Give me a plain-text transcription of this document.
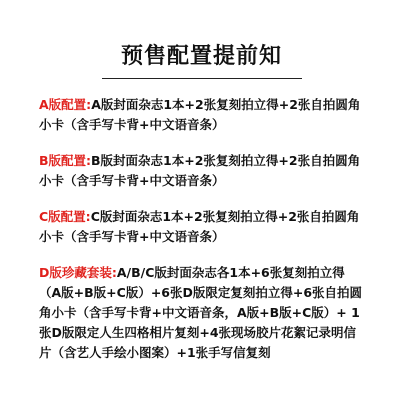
预售配置提前知

A版配置:A版封面杂志1本+2张复刻拍立得+2张自拍圆角小卡（含手写卡背+中文语音条）

B版配置:B版封面杂志1本+2张复刻拍立得+2张自拍圆角小卡（含手写卡背+中文语音条）

C版配置:C版封面杂志1本+2张复刻拍立得+2张自拍圆角小卡（含手写卡背+中文语音条）

D版珍藏套装:A/B/C版封面杂志各1本+6张复刻拍立得（A版+B版+C版）+6张D版限定复刻拍立得+6张自拍圆角小卡（含手写卡背+中文语音条，A版+B版+C版）+ 1张D版限定人生四格相片复刻+4张现场胶片花絮记录明信片（含艺人手绘小图案）+1张手写信复刻
